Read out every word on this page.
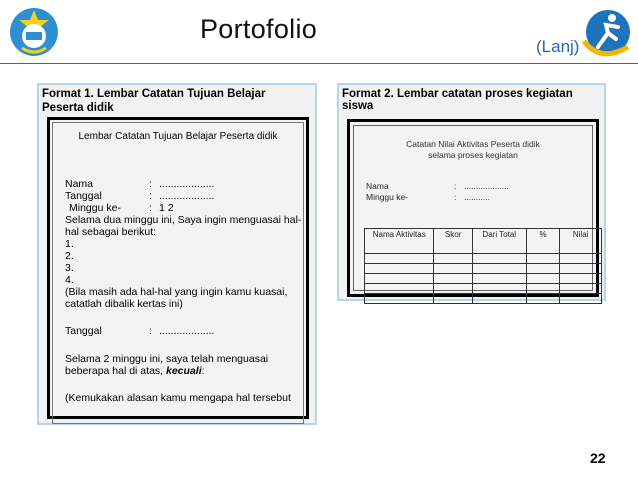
Portofolio
(Lanj)
Format 1. Lembar Catatan Tujuan Belajar Peserta didik
Lembar Catatan Tujuan Belajar Peserta didik
Nama	: ...................
Tanggal	: ...................
Minggu ke-	: 1 2
Selama dua minggu ini, Saya ingin menguasai hal-
hal sebagai berikut:
1.
2.
3.
4.
(Bila masih ada hal-hal yang ingin kamu kuasai,
catatlah dibalik kertas ini)
Tanggal	: ...................
Selama 2 minggu ini, saya telah menguasai
beberapa hal di atas, kecuali:
(Kemukakan alasan kamu mengapa hal tersebut
Format 2. Lembar catatan proses kegiatan siswa
Catatan Nilai Aktivitas Peserta didik
selama proses kegiatan
Nama	: ...................
Minggu ke-	: ...........
Nama Aktivitas	Skor	Dari Total	%	Nilai

22
